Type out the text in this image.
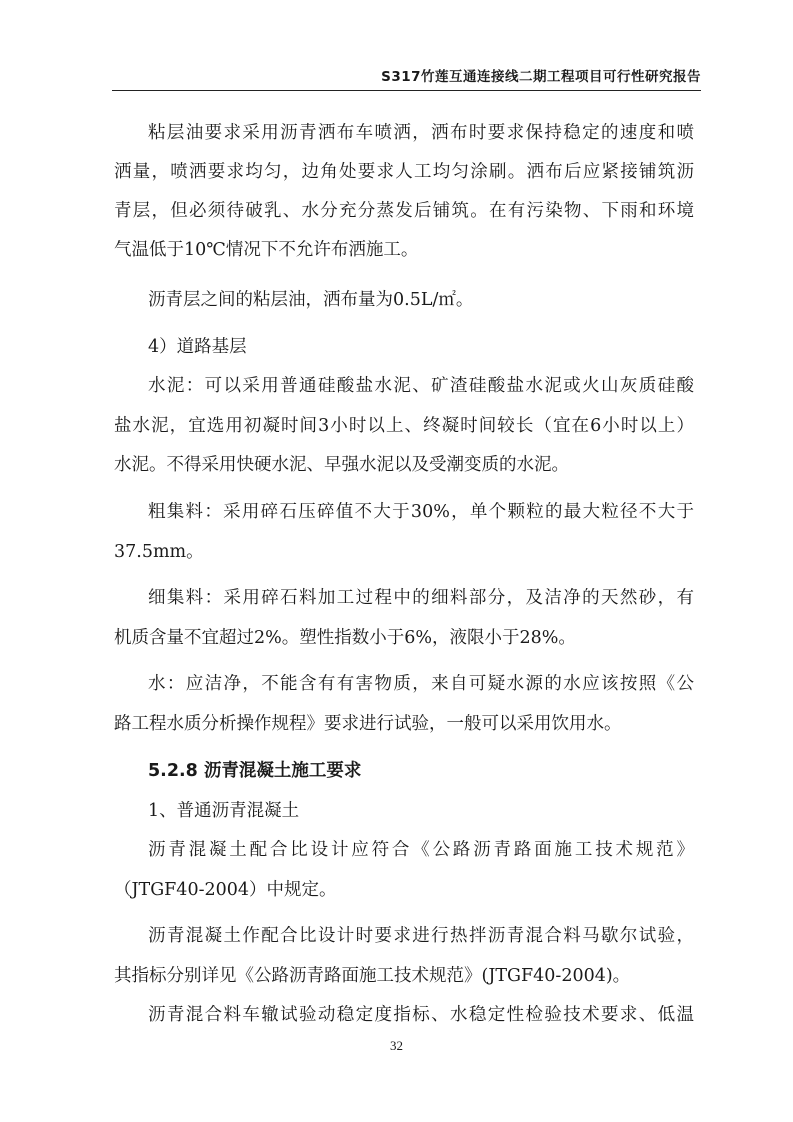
S317竹莲互通连接线二期工程项目可行性研究报告
粘层油要求采用沥青洒布车喷洒，洒布时要求保持稳定的速度和喷
洒量，喷洒要求均匀，边角处要求人工均匀涂刷。洒布后应紧接铺筑沥
青层，但必须待破乳、水分充分蒸发后铺筑。在有污染物、下雨和环境
气温低于10℃情况下不允许布洒施工。
沥青层之间的粘层油，洒布量为0.5L/㎡。
4）道路基层
水泥：可以采用普通硅酸盐水泥、矿渣硅酸盐水泥或火山灰质硅酸
盐水泥，宜选用初凝时间3小时以上、终凝时间较长（宜在6小时以上）
水泥。不得采用快硬水泥、早强水泥以及受潮变质的水泥。
粗集料：采用碎石压碎值不大于30%，单个颗粒的最大粒径不大于
37.5mm。
细集料：采用碎石料加工过程中的细料部分，及洁净的天然砂，有
机质含量不宜超过2%。塑性指数小于6%，液限小于28%。
水：应洁净，不能含有有害物质，来自可疑水源的水应该按照《公
路工程水质分析操作规程》要求进行试验，一般可以采用饮用水。
5.2.8 沥青混凝土施工要求
1、普通沥青混凝土
沥青混凝土配合比设计应符合《公路沥青路面施工技术规范》
（JTGF40-2004）中规定。
沥青混凝土作配合比设计时要求进行热拌沥青混合料马歇尔试验，
其指标分别详见《公路沥青路面施工技术规范》(JTGF40-2004)。
沥青混合料车辙试验动稳定度指标、水稳定性检验技术要求、低温
32
